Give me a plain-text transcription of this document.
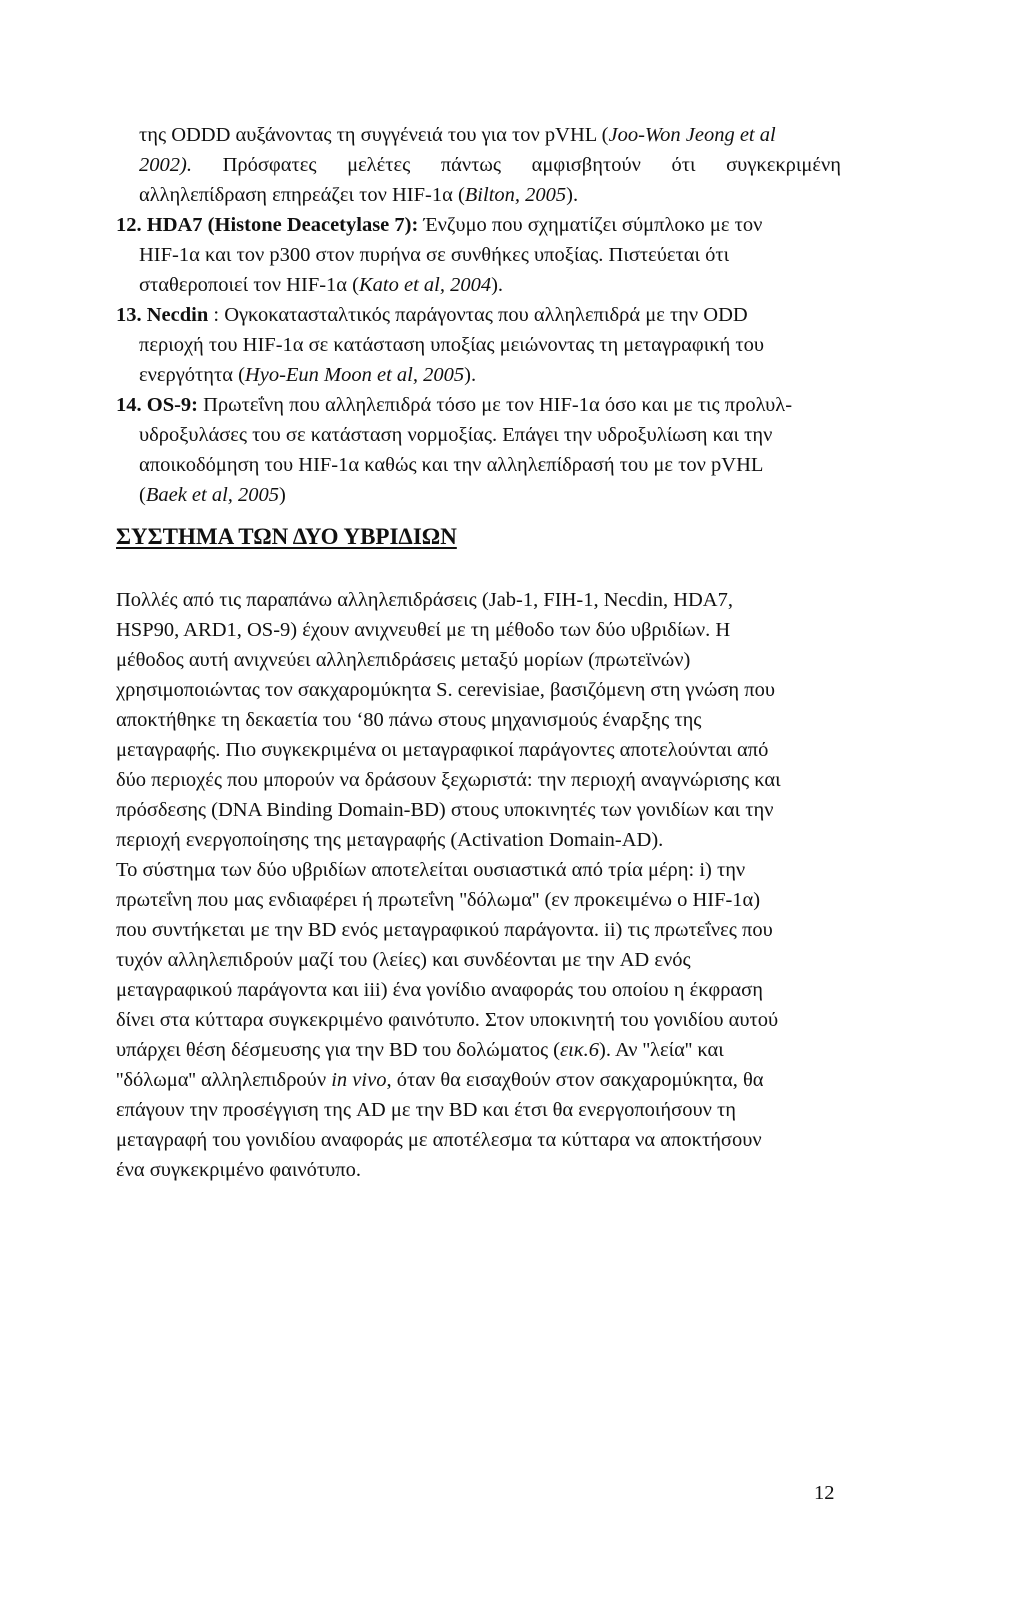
της ODDD αυξάνοντας τη συγγένειά του για τον pVHL (Joo-Won Jeong et al
2002). Πρόσφατες μελέτες πάντως αμφισβητούν ότι συγκεκριμένη
αλληλεπίδραση επηρεάζει τον HIF-1α (Bilton, 2005).
12. HDA7 (Histone Deacetylase 7): Ένζυμο που σχηματίζει σύμπλοκο με τον
HIF-1α και τον p300 στον πυρήνα σε συνθήκες υποξίας. Πιστεύεται ότι
σταθεροποιεί τον HIF-1α (Kato et al, 2004).
13. Necdin : Ογκοκατασταλτικός παράγοντας που αλληλεπιδρά με την ODD
περιοχή του HIF-1α σε κατάσταση υποξίας μειώνοντας τη μεταγραφική του
ενεργότητα (Hyo-Eun Moon et al, 2005).
14. OS-9: Πρωτεΐνη που αλληλεπιδρά τόσο με τον HIF-1α όσο και με τις προλυλ-
υδροξυλάσες του σε κατάσταση νορμοξίας. Επάγει την υδροξυλίωση και την
αποικοδόμηση του HIF-1α καθώς και την αλληλεπίδρασή του με τον pVHL
(Baek et al, 2005)
ΣΥΣΤΗΜΑ ΤΩΝ ΔΥΟ ΥΒΡΙΔΙΩΝ
Πολλές από τις παραπάνω αλληλεπιδράσεις (Jab-1, FIH-1, Necdin, HDA7,
HSP90, ARD1, OS-9) έχουν ανιχνευθεί με τη μέθοδο των δύο υβριδίων. Η
μέθοδος αυτή ανιχνεύει αλληλεπιδράσεις μεταξύ μορίων (πρωτεϊνών)
χρησιμοποιώντας τον σακχαρομύκητα S. cerevisiae, βασιζόμενη στη γνώση που
αποκτήθηκε τη δεκαετία του ‘80 πάνω στους μηχανισμούς έναρξης της
μεταγραφής. Πιο συγκεκριμένα οι μεταγραφικοί παράγοντες αποτελούνται από
δύο περιοχές που μπορούν να δράσουν ξεχωριστά: την περιοχή αναγνώρισης και
πρόσδεσης (DNA Binding Domain-BD) στους υποκινητές των γονιδίων και την
περιοχή ενεργοποίησης της μεταγραφής (Activation Domain-AD).
Το σύστημα των δύο υβριδίων αποτελείται ουσιαστικά από τρία μέρη: i) την
πρωτεΐνη που μας ενδιαφέρει ή πρωτεΐνη ''δόλωμα'' (εν προκειμένω ο HIF-1α)
που συντήκεται με την BD ενός μεταγραφικού παράγοντα. ii) τις πρωτεΐνες που
τυχόν αλληλεπιδρούν μαζί του (λείες) και συνδέονται με την AD ενός
μεταγραφικού παράγοντα και iii) ένα γονίδιο αναφοράς του οποίου η έκφραση
δίνει στα κύτταρα συγκεκριμένο φαινότυπο. Στον υποκινητή του γονιδίου αυτού
υπάρχει θέση δέσμευσης για την BD του δολώματος (εικ.6). Αν ''λεία'' και
''δόλωμα'' αλληλεπιδρούν in vivo, όταν θα εισαχθούν στον σακχαρομύκητα, θα
επάγουν την προσέγγιση της AD με την BD και έτσι θα ενεργοποιήσουν τη
μεταγραφή του γονιδίου αναφοράς με αποτέλεσμα τα κύτταρα να αποκτήσουν
ένα συγκεκριμένο φαινότυπο.
12
